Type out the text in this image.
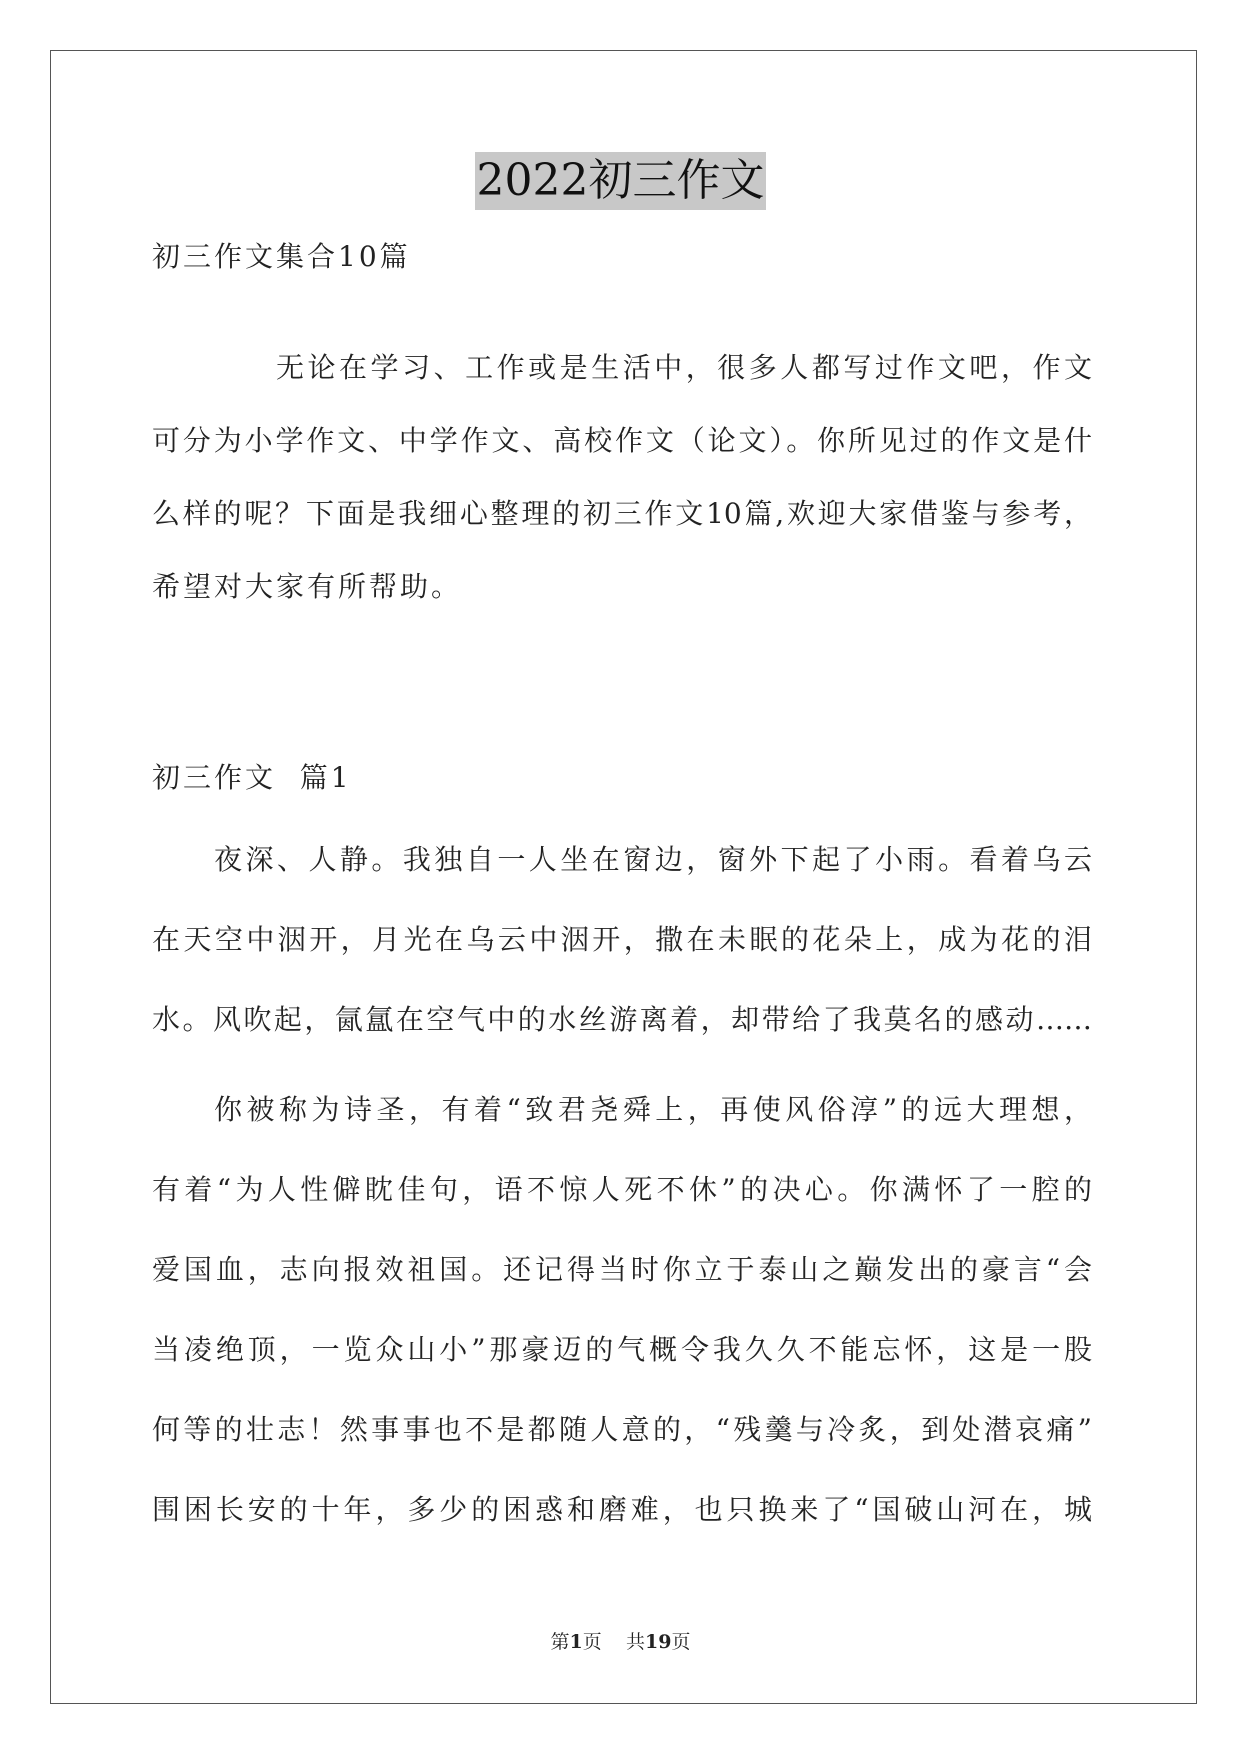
2022初三作文
初三作文集合10篇
无论在学习、工作或是生活中，很多人都写过作文吧，作文
可分为小学作文、中学作文、高校作文（论文）。你所见过的作文是什
么样的呢？下面是我细心整理的初三作文10篇,欢迎大家借鉴与参考，
希望对大家有所帮助。
初三作文  篇1
夜深、人静。我独自一人坐在窗边，窗外下起了小雨。看着乌云
在天空中洇开，月光在乌云中洇开，撒在未眠的花朵上，成为花的泪
水。风吹起，氤氲在空气中的水丝游离着，却带给了我莫名的感动……
你被称为诗圣，有着“致君尧舜上，再使风俗淳”的远大理想，
有着“为人性僻眈佳句，语不惊人死不休”的决心。你满怀了一腔的
爱国血，志向报效祖国。还记得当时你立于泰山之巅发出的豪言“会
当凌绝顶，一览众山小”那豪迈的气概令我久久不能忘怀，这是一股
何等的壮志！然事事也不是都随人意的，“残羹与冷炙，到处潜哀痛”
围困长安的十年，多少的困惑和磨难，也只换来了“国破山河在，城
第1页 共19页
